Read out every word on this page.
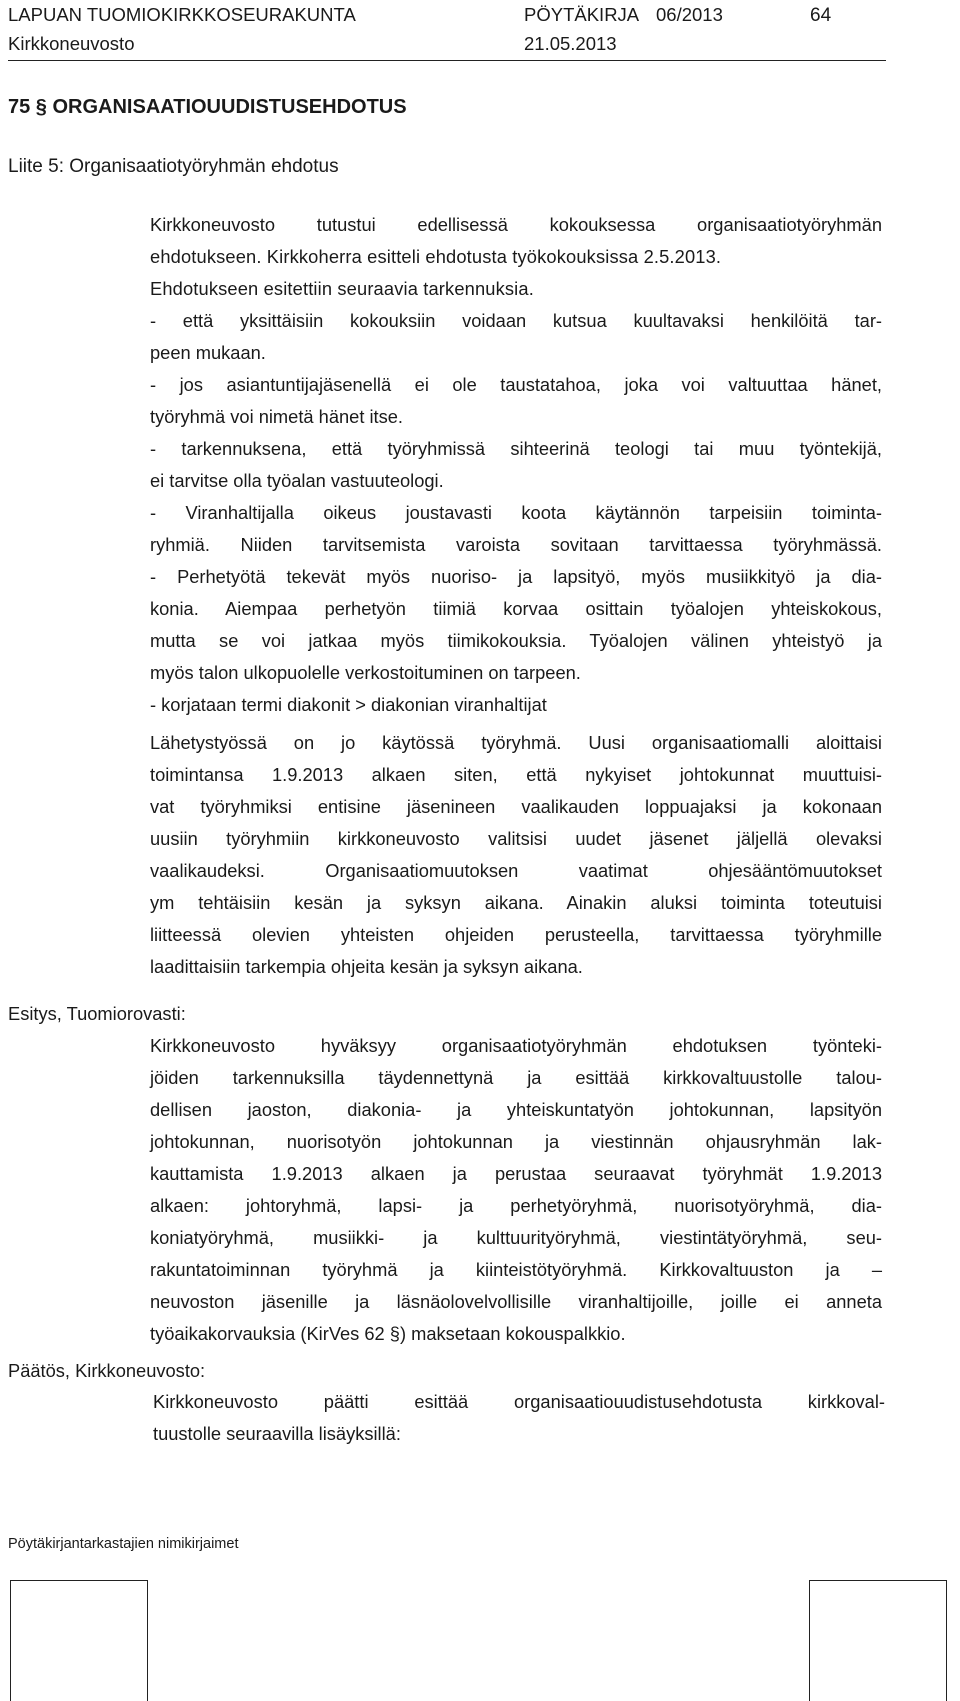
LAPUAN TUOMIOKIRKKOSEURAKUNTA	PÖYTÄKIRJA 06/2013
Kirkkoneuvosto	21.05.2013
64
75 § ORGANISAATIOUUDISTUSEHDOTUS
Liite 5: Organisaatiotyöryhmän ehdotus
Kirkkoneuvosto tutustui edellisessä kokouksessa organisaatiotyöryhmän
ehdotukseen. Kirkkoherra esitteli ehdotusta työkokouksissa 2.5.2013.
Ehdotukseen esitettiin seuraavia tarkennuksia.
- että yksittäisiin kokouksiin voidaan kutsua kuultavaksi henkilöitä tar-
peen mukaan.
- jos asiantuntijajäsenellä ei ole taustatahoa, joka voi valtuuttaa hänet,
työryhmä voi nimetä hänet itse.
- tarkennuksena, että työryhmissä sihteerinä teologi tai muu työntekijä,
ei tarvitse olla työalan vastuuteologi.
- Viranhaltijalla oikeus joustavasti koota käytännön tarpeisiin toiminta-
ryhmiä. Niiden tarvitsemista varoista sovitaan tarvittaessa työryhmässä.
- Perhetyötä tekevät myös nuoriso- ja lapsityö, myös musiikkityö ja dia-
konia. Aiempaa perhetyön tiimiä korvaa osittain työalojen yhteiskokous,
mutta se voi jatkaa myös tiimikokouksia. Työalojen välinen yhteistyö ja
myös talon ulkopuolelle verkostoituminen on tarpeen.
- korjataan termi diakonit > diakonian viranhaltijat
Lähetystyössä on jo käytössä työryhmä. Uusi organisaatiomalli aloittaisi
toimintansa 1.9.2013 alkaen siten, että nykyiset johtokunnat muuttuisi-
vat työryhmiksi entisine jäsenineen vaalikauden loppuajaksi ja kokonaan
uusiin työryhmiin kirkkoneuvosto valitsisi uudet jäsenet jäljellä olevaksi
vaalikaudeksi. Organisaatiomuutoksen vaatimat ohjesääntömuutokset
ym tehtäisiin kesän ja syksyn aikana. Ainakin aluksi toiminta toteutuisi
liitteessä olevien yhteisten ohjeiden perusteella, tarvittaessa työryhmille
laadittaisiin tarkempia ohjeita kesän ja syksyn aikana.
Esitys, Tuomiorovasti:
Kirkkoneuvosto hyväksyy organisaatiotyöryhmän ehdotuksen työnteki-
jöiden tarkennuksilla täydennettynä ja esittää kirkkovaltuustolle talou-
dellisen jaoston, diakonia- ja yhteiskuntatyön johtokunnan, lapsityön
johtokunnan, nuorisotyön johtokunnan ja viestinnän ohjausryhmän lak-
kauttamista 1.9.2013 alkaen ja perustaa seuraavat työryhmät 1.9.2013
alkaen: johtoryhmä, lapsi- ja perhetyöryhmä, nuorisotyöryhmä, dia-
koniatyöryhmä, musiikki- ja kulttuurityöryhmä, viestintätyöryhmä, seu-
rakuntatoiminnan työryhmä ja kiinteistötyöryhmä. Kirkkovaltuuston ja –
neuvoston jäsenille ja läsnäolovelvollisille viranhaltijoille, joille ei anneta
työaikakorvauksia (KirVes 62 §) maksetaan kokouspalkkio.
Päätös, Kirkkoneuvosto:
Kirkkoneuvosto päätti esittää organisaatiouudistusehdotusta kirkkoval-
tuustolle seuraavilla lisäyksillä:
Pöytäkirjantarkastajien nimikirjaimet
